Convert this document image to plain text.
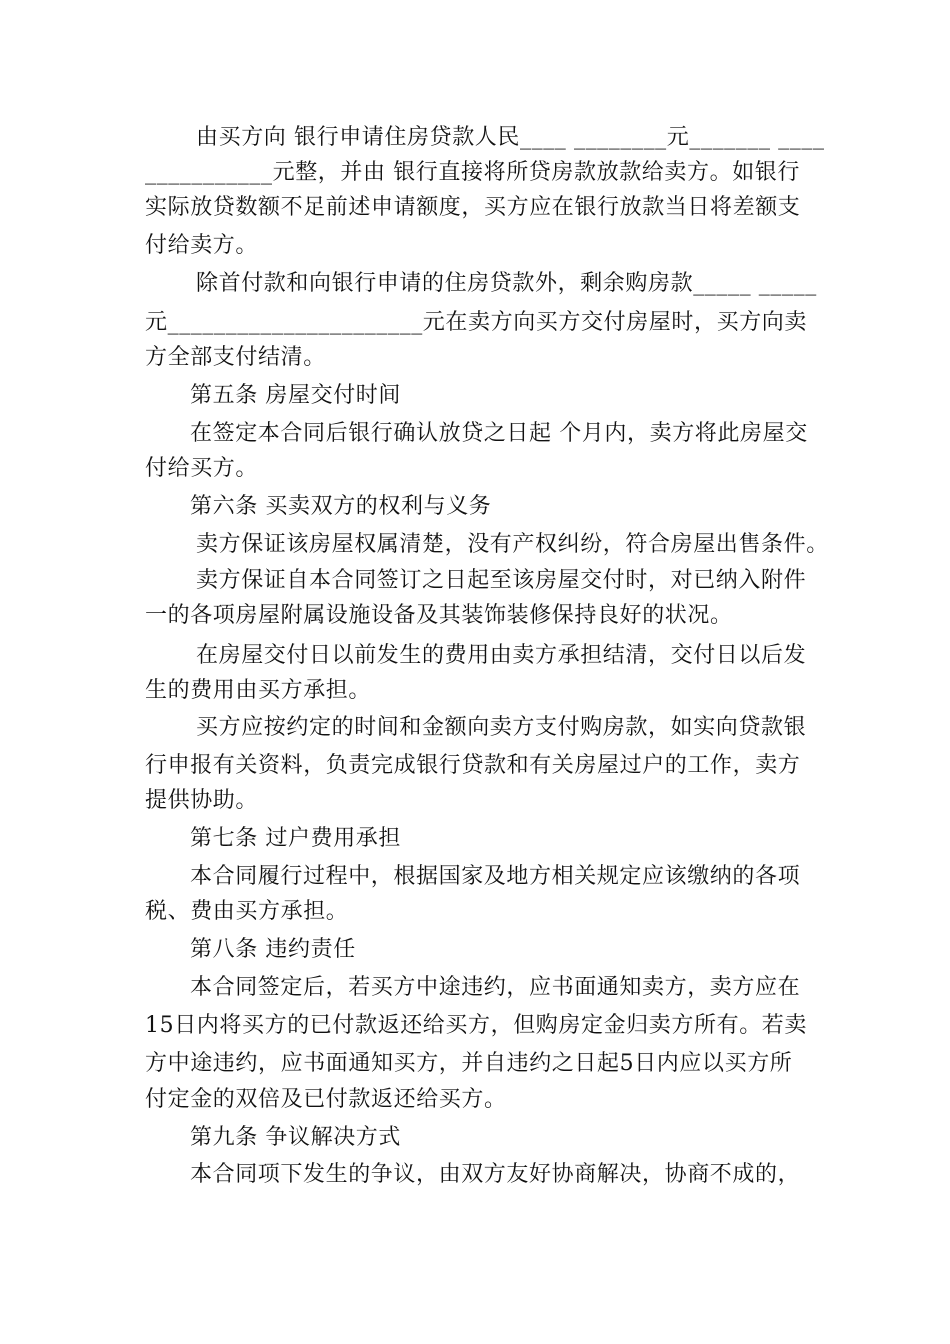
由买方向 银行申请住房贷款人民____ ________元_______ ____
___________元整，并由 银行直接将所贷房款放款给卖方。如银行
实际放贷数额不足前述申请额度，买方应在银行放款当日将差额支
付给卖方。
除首付款和向银行申请的住房贷款外，剩余购房款_____ _____
元______________________元在卖方向买方交付房屋时，买方向卖
方全部支付结清。
第五条 房屋交付时间
在签定本合同后银行确认放贷之日起 个月内，卖方将此房屋交
付给买方。
第六条 买卖双方的权利与义务
卖方保证该房屋权属清楚，没有产权纠纷，符合房屋出售条件。
卖方保证自本合同签订之日起至该房屋交付时，对已纳入附件
一的各项房屋附属设施设备及其装饰装修保持良好的状况。
在房屋交付日以前发生的费用由卖方承担结清，交付日以后发
生的费用由买方承担。
买方应按约定的时间和金额向卖方支付购房款，如实向贷款银
行申报有关资料，负责完成银行贷款和有关房屋过户的工作，卖方
提供协助。
第七条 过户费用承担
本合同履行过程中，根据国家及地方相关规定应该缴纳的各项
税、费由买方承担。
第八条 违约责任
本合同签定后，若买方中途违约，应书面通知卖方，卖方应在
15日内将买方的已付款返还给买方，但购房定金归卖方所有。若卖
方中途违约，应书面通知买方，并自违约之日起5日内应以买方所
付定金的双倍及已付款返还给买方。
第九条 争议解决方式
本合同项下发生的争议，由双方友好协商解决，协商不成的，
